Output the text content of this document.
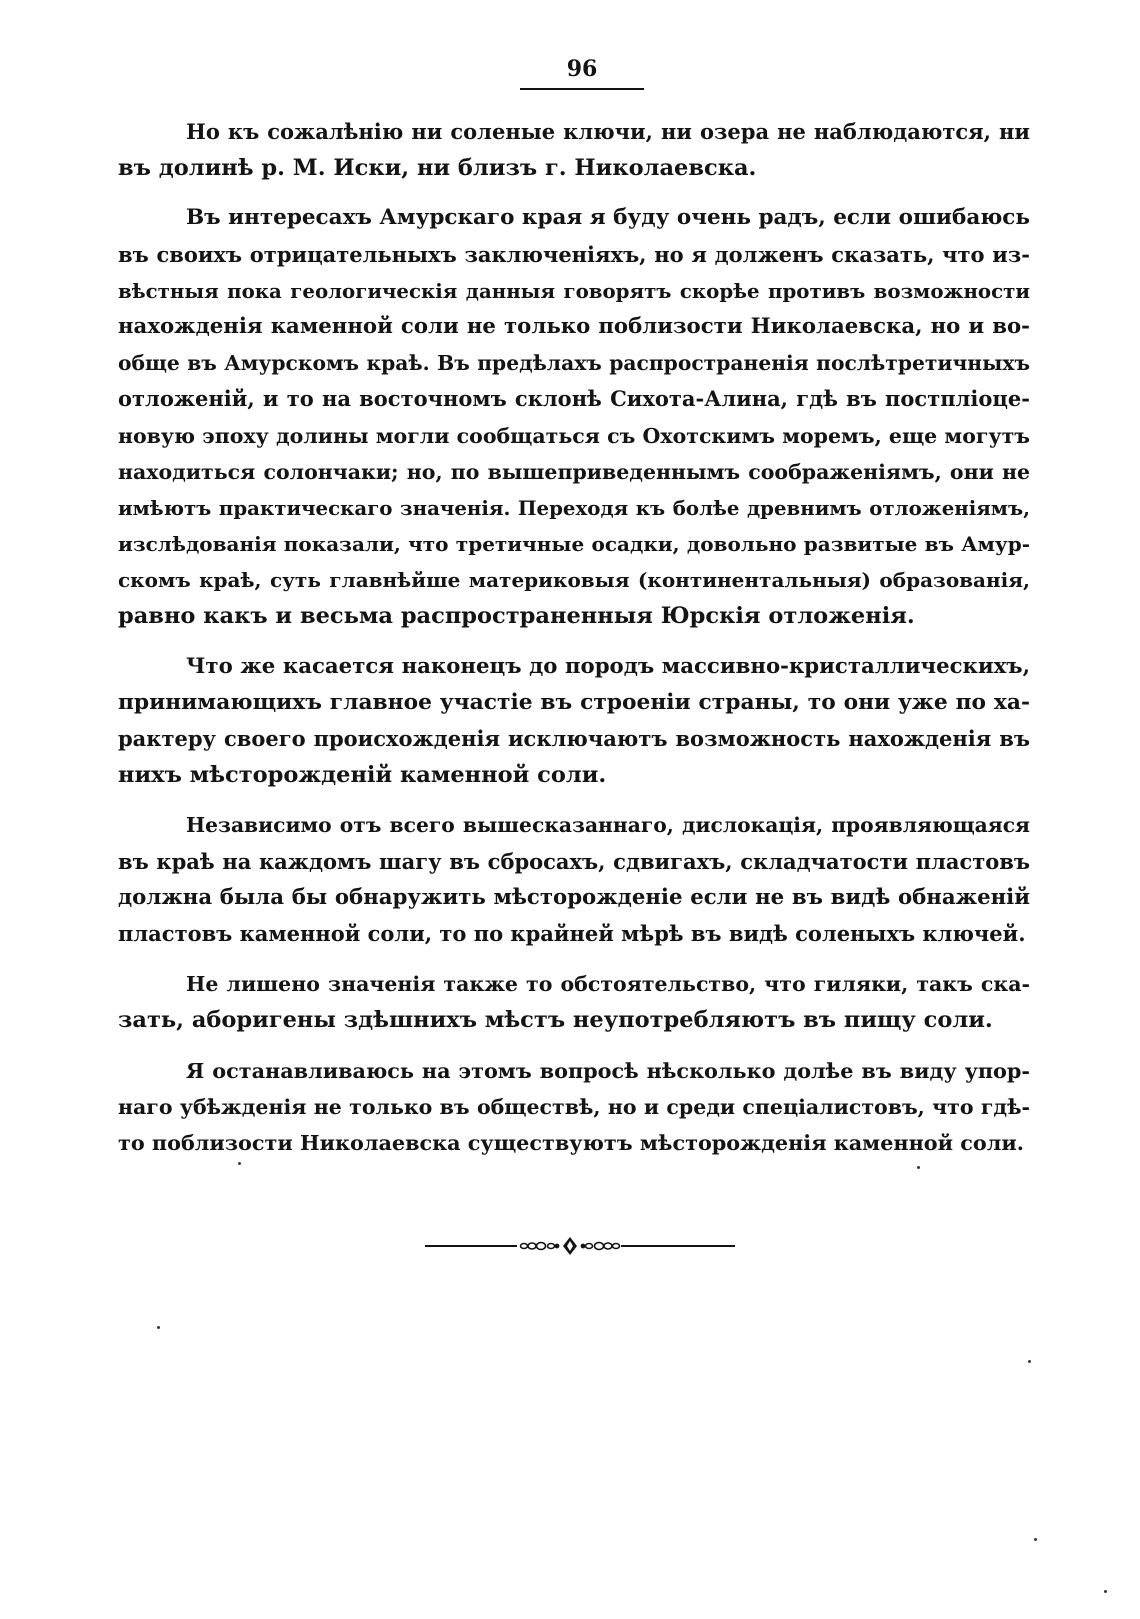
96
Но къ сожалѣнію ни соленые ключи, ни озера не наблюдаются, ни
въ долинѣ р. М. Иски, ни близъ г. Николаевска.
Въ интересахъ Амурскаго края я буду очень радъ, если ошибаюсь
въ своихъ отрицательныхъ заключеніяхъ, но я долженъ сказать, что из-
вѣстныя пока геологическія данныя говорятъ скорѣе противъ возможности
нахожденія каменной соли не только поблизости Николаевска, но и во-
обще въ Амурскомъ краѣ. Въ предѣлахъ распространенія послѣтретичныхъ
отложеній, и то на восточномъ склонѣ Сихота-Алина, гдѣ въ постпліоце-
новую эпоху долины могли сообщаться съ Охотскимъ моремъ, еще могутъ
находиться солончаки; но, по вышеприведеннымъ соображеніямъ, они не
имѣютъ практическаго значенія. Переходя къ болѣе древнимъ отложеніямъ,
изслѣдованія показали, что третичные осадки, довольно развитые въ Амур-
скомъ краѣ, суть главнѣйше материковыя (континентальныя) образованія,
равно какъ и весьма распространенныя Юрскія отложенія.
Что же касается наконецъ до породъ массивно-кристаллическихъ,
принимающихъ главное участіе въ строеніи страны, то они уже по ха-
рактеру своего происхожденія исключаютъ возможность нахожденія въ
нихъ мѣсторожденій каменной соли.
Независимо отъ всего вышесказаннаго, дислокація, проявляющаяся
въ краѣ на каждомъ шагу въ сбросахъ, сдвигахъ, складчатости пластовъ
должна была бы обнаружить мѣсторожденіе если не въ видѣ обнаженій
пластовъ каменной соли, то по крайней мѣрѣ въ видѣ соленыхъ ключей.
Не лишено значенія также то обстоятельство, что гиляки, такъ ска-
зать, аборигены здѣшнихъ мѣстъ неупотребляютъ въ пищу соли.
Я останавливаюсь на этомъ вопросѣ нѣсколько долѣе въ виду упор-
наго убѣжденія не только въ обществѣ, но и среди спеціалистовъ, что гдѣ-
то поблизости Николаевска существуютъ мѣсторожденія каменной соли.
